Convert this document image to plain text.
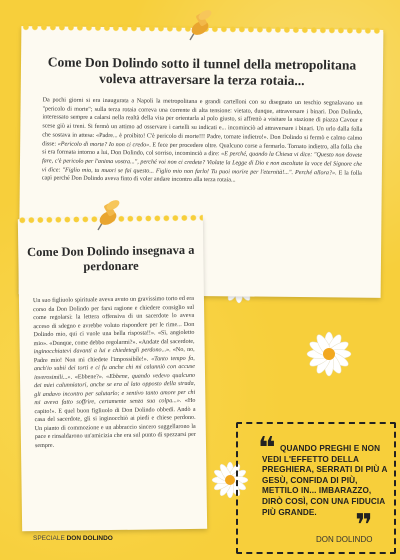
Come Don Dolindo sotto il tunnel della metropolitana voleva attraversare la terza rotaia...

Da pochi giorni si era inaugurata a Napoli la metropolitana e grandi cartelloni con su disegnato un teschio segnalavano un "pericolo di morte"; sulla terza rotaia correva una corrente di alta tensione: vietato, dunque, attraversare i binari. Don Dolindo, interessato sempre a calarsi nella realtà della vita per orientarla al polo giusto, si affrettò a visitare la stazione di piazza Cavour e scese giù ai treni. Si fermò un attimo ad osservare i cartelli su indicati e... incominciò ad attraversare i binari. Un urlo dalla folla che sostava in attesa: «Padre... è proibito! C'è pericolo di morte!!! Padre, tornate indietro!». Don Dolindo si fermò e calmo calmo disse: «Pericolo di morte? Io non ci credo». E fece per procedere oltre. Qualcuno corse a fermarlo. Tornato indietro, alla folla che si era formata intorno a lui, Don Dolindo, col sorriso, incominciò a dire: «E perché, quando la Chiesa vi dice: "Questo non dovete fare, c'è pericolo per l'anima vostra...", perché voi non ci credete? Violate la Legge di Dio e non ascoltate la voce del Signore che vi dice: "Figlio mio, tu muori se fai questo... Figlio mio non farlo! Tu puoi morire per l'eternità!...". Perché allora?». E la folla capì perché Don Dolindo aveva finto di voler andare incontro alla terza rotaia...

Come Don Dolindo insegnava a perdonare

Un suo figliuolo spirituale aveva avuto un gravissimo torto ed era corso da Don Dolindo per farsi ragione e chiedere consiglio sul come regolarsi: la lettera offensiva di un sacerdote lo aveva acceso di sdegno e avrebbe voluto rispondere per le rime... Don Dolindo mio, qui ci vuole una bella risposta!!». «Sì, angioletto mio». «Dunque, come debbo regolarmi?». «Andate dal sacerdote, inginocchiatevi davanti a lui e chiedetegli perdono...». «No, no, Padre mio! Non mi chiedete l'impossibile!». «Tanto tempo fa, anch'io subii dei torti e ci fu anche chi mi calunniò con accuse inverosimili...». «Ebbene?». «Ebbene, quando vedevo qualcuno dei miei calunniatori, anche se era al lato opposto della strada, gli andavo incontro per salutarlo; e sentivo tanto amore per chi mi aveva fatto soffrire, certamente senza sua colpa...». «Ho capito!». E quel buon figliuolo di Don Dolindo obbedì. Andò a casa del sacerdote, gli si inginocchiò ai piedi e chiese perdono. Un pianto di commozione e un abbraccio sincero suggellarono la pace e rinsaldarono un'amicizia che era sul punto di spezzarsi per sempre.	❝ QUANDO PREGHI E NON VEDI L'EFFETTO DELLA PREGHIERA, SERRATI DI PIÙ A GESÙ, CONFIDA DI PIÙ, METTILO IN... IMBARAZZO, DIRÒ COSÌ, CON UNA FIDUCIA PIÙ GRANDE.	❞
DON DOLINDO
SPECIALE DON DOLINDO
